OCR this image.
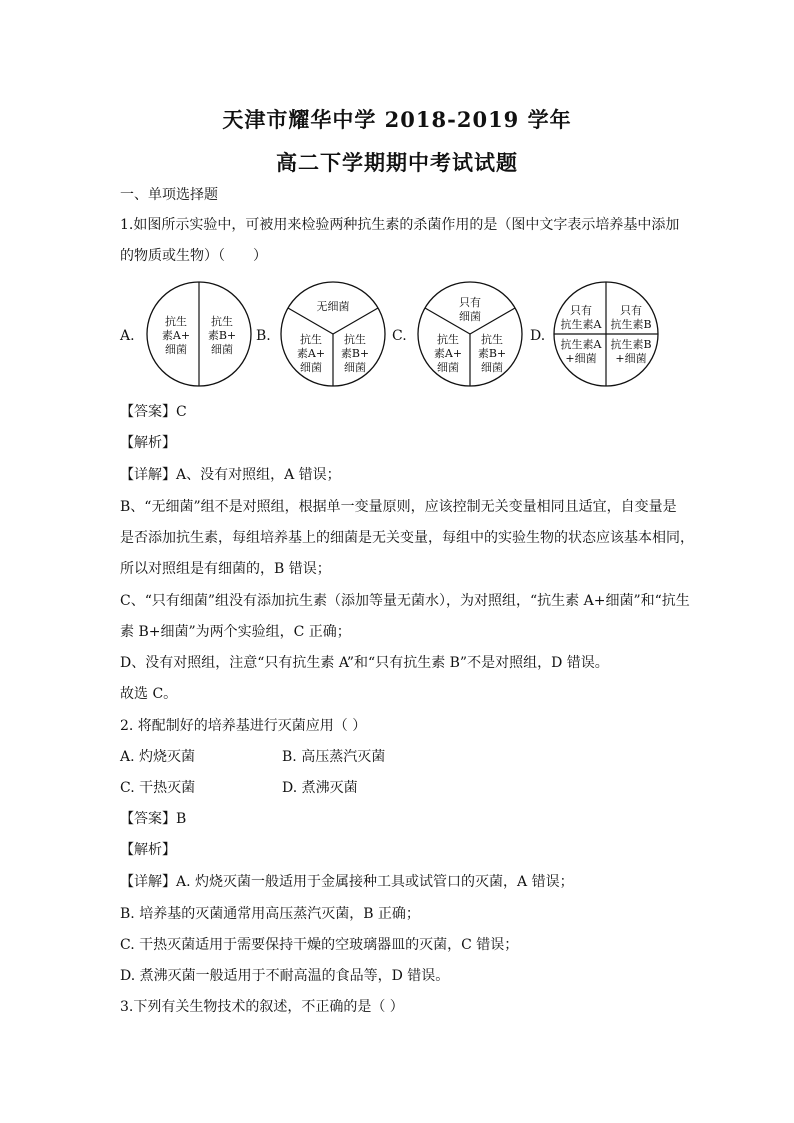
天津市耀华中学 2018-2019 学年
高二下学期期中考试试题
一、单项选择题
1.如图所示实验中，可被用来检验两种抗生素的杀菌作用的是（图中文字表示培养基中添加
的物质或生物）（　　）
A.	B.	C.	D.
抗生
素A+
细菌
抗生
素B+
细菌
无细菌
抗生
素A+
细菌
抗生
素B+
细菌
只有
细菌
抗生
素A+
细菌
抗生
素B+
细菌
只有
抗生素A
只有
抗生素B
抗生素A
+细菌
抗生素B
+细菌
【答案】C
【解析】
【详解】A、没有对照组，A 错误；
B、“无细菌”组不是对照组，根据单一变量原则，应该控制无关变量相同且适宜，自变量是
是否添加抗生素，每组培养基上的细菌是无关变量，每组中的实验生物的状态应该基本相同，
所以对照组是有细菌的，B 错误；
C、“只有细菌”组没有添加抗生素（添加等量无菌水），为对照组，“抗生素 A+细菌”和“抗生
素 B+细菌”为两个实验组，C 正确；
D、没有对照组，注意“只有抗生素 A”和“只有抗生素 B”不是对照组，D 错误。
故选 C。
2. 将配制好的培养基进行灭菌应用（ ）
A. 灼烧灭菌	B. 高压蒸汽灭菌
C. 干热灭菌	D. 煮沸灭菌
【答案】B
【解析】
【详解】A. 灼烧灭菌一般适用于金属接种工具或试管口的灭菌，A 错误；
B. 培养基的灭菌通常用高压蒸汽灭菌，B 正确；
C. 干热灭菌适用于需要保持干燥的空玻璃器皿的灭菌，C 错误；
D. 煮沸灭菌一般适用于不耐高温的食品等，D 错误。
3.下列有关生物技术的叙述，不正确的是（ ）
